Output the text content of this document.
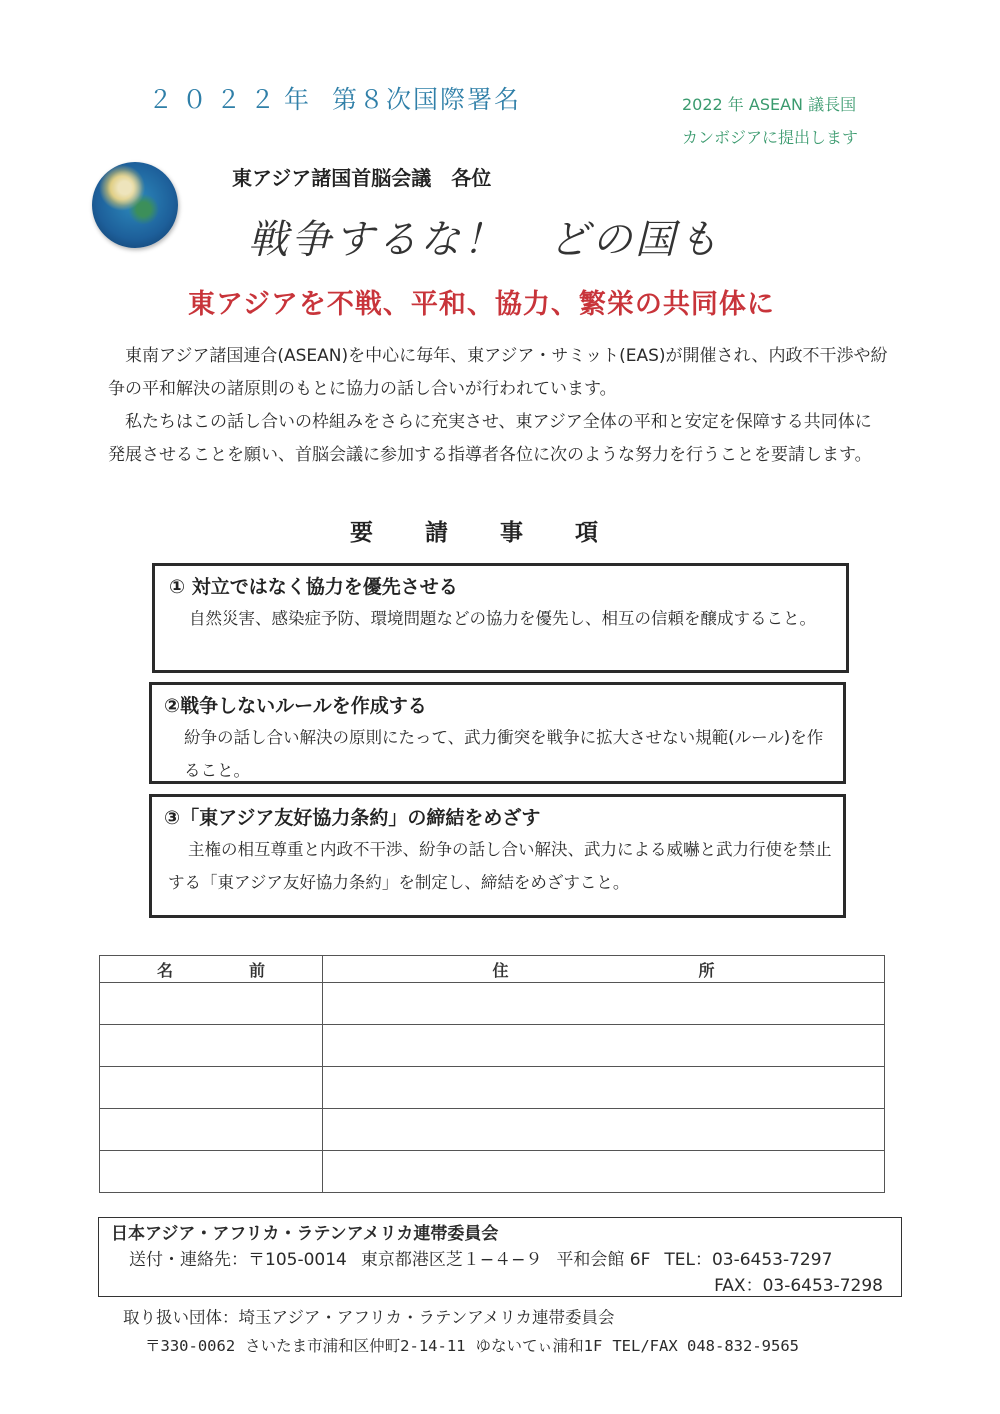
２０２２年 第８次国際署名	2022 年 ASEAN 議長国
カンボジアに提出します
東アジア諸国首脳会議　各位
戦争するな！　どの国も
東アジアを不戦、平和、協力、繁栄の共同体に

東南アジア諸国連合(ASEAN)を中心に毎年、東アジア・サミット(EAS)が開催され、内政不干渉や紛争の平和解決の諸原則のもとに協力の話し合いが行われています。

私たちはこの話し合いの枠組みをさらに充実させ、東アジア全体の平和と安定を保障する共同体に発展させることを願い、首脳会議に参加する指導者各位に次のような努力を行うことを要請します。

要請事項
① 対立ではなく協力を優先させる
自然災害、感染症予防、環境問題などの協力を優先し、相互の信頼を醸成すること。
②戦争しないルールを作成する
紛争の話し合い解決の原則にたって、武力衝突を戦争に拡大させない規範(ルール)を作ること。
③「東アジア友好協力条約」の締結をめざす
主権の相互尊重と内政不干渉、紛争の話し合い解決、武力による威嚇と武力行使を禁止する「東アジア友好協力条約」を制定し、締結をめざすこと。
名 前	住 所

日本アジア・アフリカ・ラテンアメリカ連帯委員会
送付・連絡先：〒105-0014 東京都港区芝１−４−９ 平和会館 6F TEL：03-6453-7297
FAX：03-6453-7298
取り扱い団体：埼玉アジア・アフリカ・ラテンアメリカ連帯委員会
〒330-0062 さいたま市浦和区仲町2-14-11 ゆないてぃ浦和1F TEL/FAX 048-832-9565
